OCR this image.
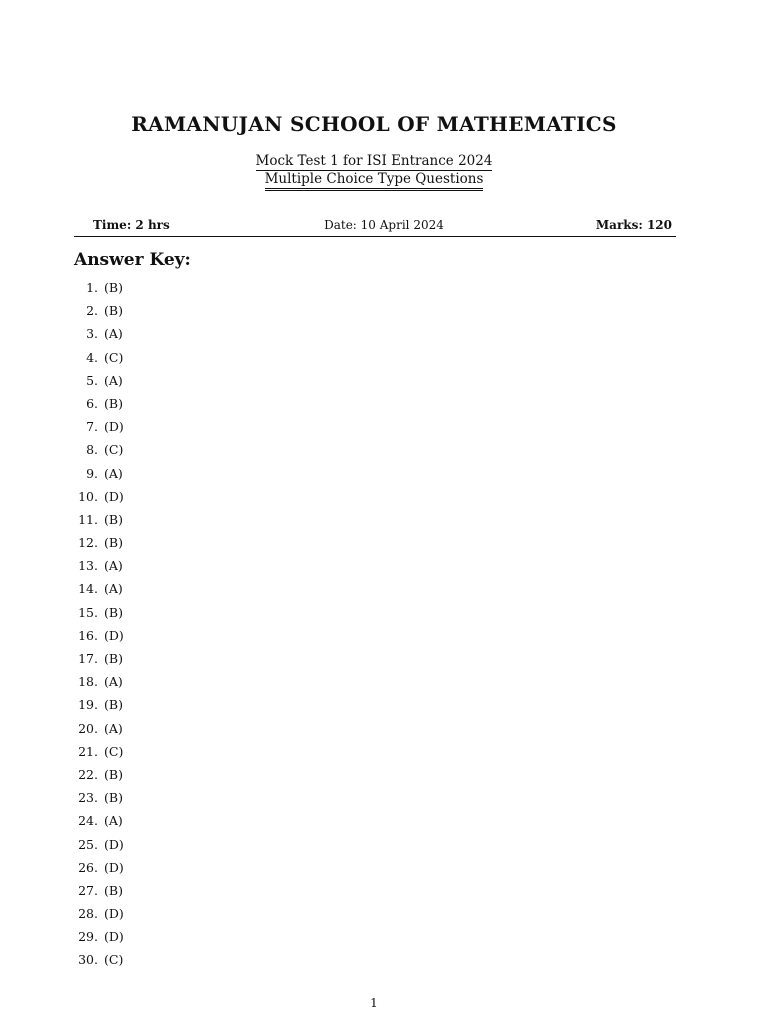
RAMANUJAN SCHOOL OF MATHEMATICS
Mock Test 1 for ISI Entrance 2024
Multiple Choice Type Questions
Time: 2 hrs	Date: 10 April 2024	Marks: 120
Answer Key:
1. (B)
2. (B)
3. (A)
4. (C)
5. (A)
6. (B)
7. (D)
8. (C)
9. (A)
10. (D)
11. (B)
12. (B)
13. (A)
14. (A)
15. (B)
16. (D)
17. (B)
18. (A)
19. (B)
20. (A)
21. (C)
22. (B)
23. (B)
24. (A)
25. (D)
26. (D)
27. (B)
28. (D)
29. (D)
30. (C)
1
